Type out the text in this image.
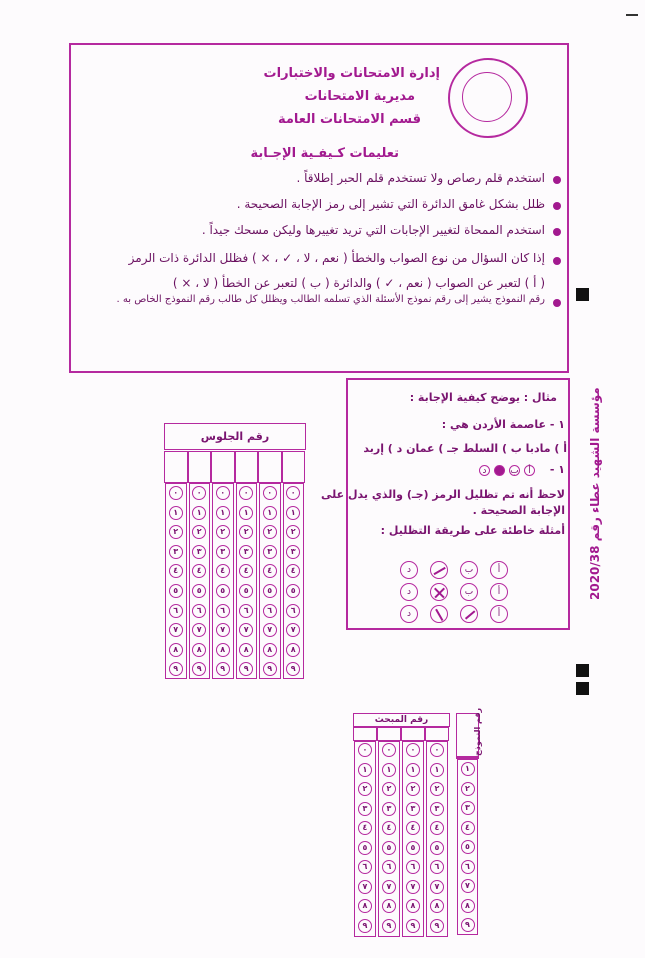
إدارة الامتحانات والاختبارات
مديرية الامتحانات
قسم الامتحانات العامة
تعليمات كـيفـية الإجـابة
استخدم قلم رصاص ولا تستخدم قلم الحبر إطلاقاً .
ظلل بشكل غامق الدائرة التي تشير إلى رمز الإجابة الصحيحة .
استخدم الممحاة لتغيير الإجابات التي تريد تغييرها وليكن مسحك جيداً .
إذا كان السؤال من نوع الصواب والخطأ ( نعم ، لا ، ✓ ، × ) فظلل الدائرة ذات الرمز
( أ ) لتعبر عن الصواب ( نعم ، ✓ ) والدائرة ( ب ) لتعبر عن الخطأ ( لا ، × )
رقم النموذج يشير إلى رقم نموذج الأسئلة الذي تسلمه الطالب ويظلل كل طالب رقم النموذج الخاص به .
مثال : يوضح كيفية الإجابة :
١ - عاصمة الأردن هي :
أ ) مادبا ب ) السلط جـ ) عمان د ) إربد
١ -
أ
ب
د
لاحظ أنه تم تظليل الرمز (جـ) والذي يدل على
الإجابة الصحيحة .
أمثلة خاطئة على طريقة التظليل :
أ
ب
د
أ
ب
د
أ
د
مؤسسة الشهيد عطاء رقم 2020/38
رقم الجلوس
٠
١
٢
٣
٤
٥
٦
٧
٨
٩
٠
١
٢
٣
٤
٥
٦
٧
٨
٩
٠
١
٢
٣
٤
٥
٦
٧
٨
٩
٠
١
٢
٣
٤
٥
٦
٧
٨
٩
٠
١
٢
٣
٤
٥
٦
٧
٨
٩
٠
١
٢
٣
٤
٥
٦
٧
٨
٩
رقم المبحث
٠
١
٢
٣
٤
٥
٦
٧
٨
٩
٠
١
٢
٣
٤
٥
٦
٧
٨
٩
٠
١
٢
٣
٤
٥
٦
٧
٨
٩
٠
١
٢
٣
٤
٥
٦
٧
٨
٩
رقم النموذج
١
٢
٣
٤
٥
٦
٧
٨
٩
